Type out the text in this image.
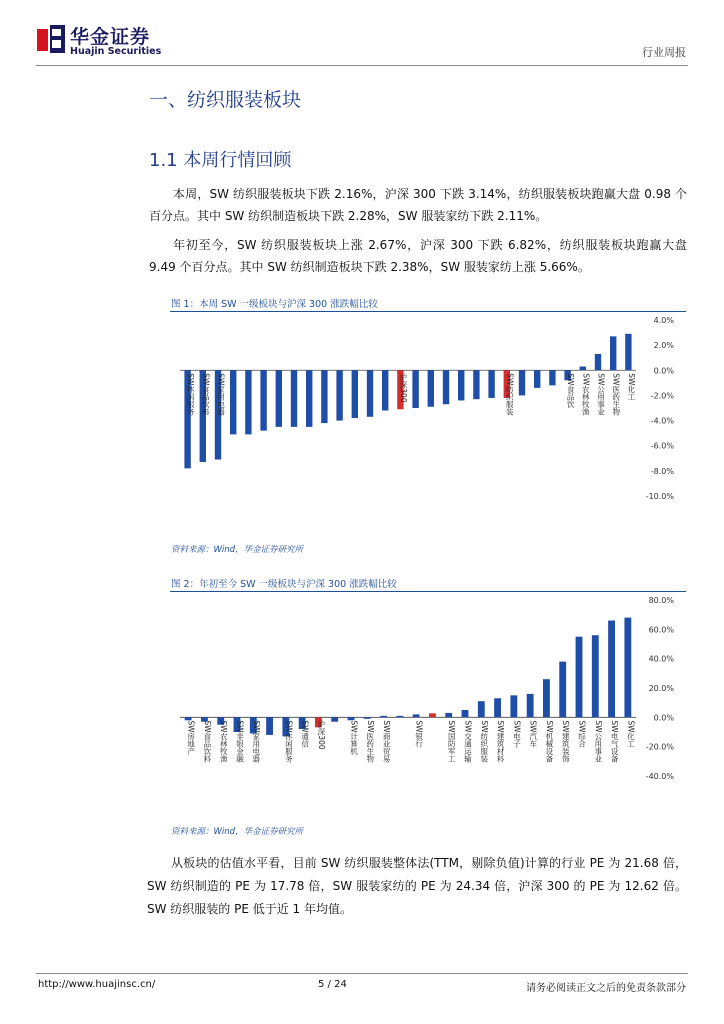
华金证券
Huajin Securities	行业周报
一、纺织服装板块
1.1 本周行情回顾
本周，SW 纺织服装板块下跌 2.16%，沪深 300 下跌 3.14%，纺织服装板块跑赢大盘 0.98 个百分点。其中 SW 纺织制造板块下跌 2.28%，SW 服装家纺下跌 2.11%。
年初至今，SW 纺织服装板块上涨 2.67%，沪深 300 下跌 6.82%，纺织服装板块跑赢大盘 9.49 个百分点。其中 SW 纺织制造板块下跌 2.38%，SW 服装家纺上涨 5.66%。
图 1：本周 SW 一级板块与沪深 300 涨跌幅比较
4.0%
2.0%
0.0%
-2.0%
-4.0%
-6.0%
-8.0%
-10.0%
SW休闲服务 SW食品饮料 SW家用电器	沪深300	SW纺织服装	SW食品饮 SW农林牧渔 SW公用事业 SW医药生物 SW化工
资料来源：Wind，华金证券研究所
图 2：年初至今 SW 一级板块与沪深 300 涨跌幅比较
80.0%
60.0%
40.0%
20.0%
0.0%
-20.0%
-40.0%
SW房地产 SW食品饮料 SW农林牧渔 SW非银金融 SW家用电器	SW休闲服务 SW通信 沪深300	SW计算机 SW医药生物 SW商业贸易	SW银行	SW国防军工 SW交通运输 SW纺织服装 SW建筑材料 SW电子 SW汽车 SW机械设备 SW建筑装饰 SW综合 SW公用事业 SW电气设备 SW化工
资料来源：Wind，华金证券研究所
从板块的估值水平看，目前 SW 纺织服装整体法(TTM，剔除负值)计算的行业 PE 为 21.68 倍，SW 纺织制造的 PE 为 17.78 倍，SW 服装家纺的 PE 为 24.34 倍，沪深 300 的 PE 为 12.62 倍。SW 纺织服装的 PE 低于近 1 年均值。
http://www.huajinsc.cn/	5 / 24	请务必阅读正文之后的免责条款部分
